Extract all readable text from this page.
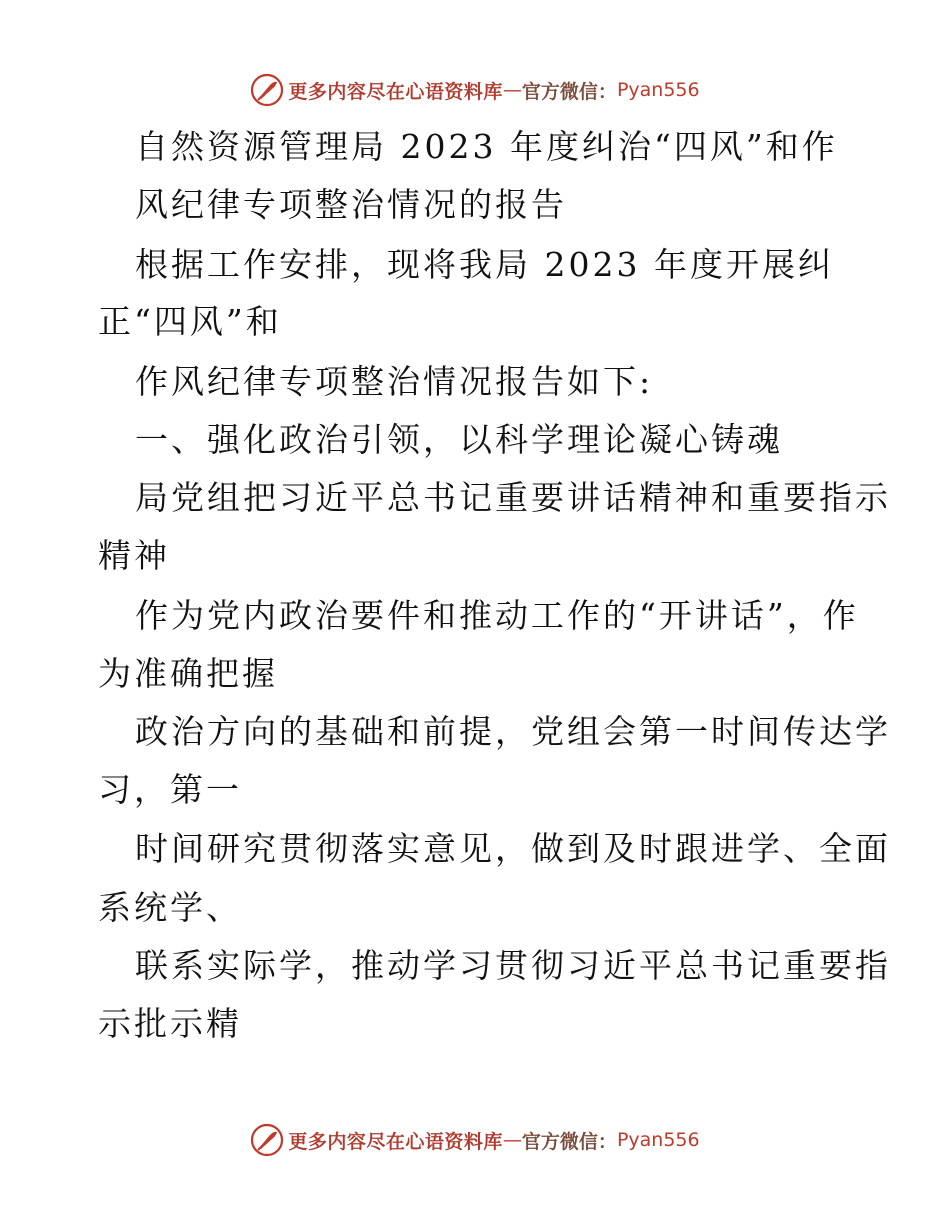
更多内容尽在心语资料库 — 官方微信： Pyan556
自然资源管理局 2023 年度纠治“四风”和作
风纪律专项整治情况的报告
根据工作安排，现将我局 2023 年度开展纠
正“四风”和
作风纪律专项整治情况报告如下:
一、强化政治引领，以科学理论凝心铸魂
局党组把习近平总书记重要讲话精神和重要指示
精神
作为党内政治要件和推动工作的“开讲话”，作
为准确把握
政治方向的基础和前提，党组会第一时间传达学
习，第一
时间研究贯彻落实意见，做到及时跟进学、全面
系统学、
联系实际学，推动学习贯彻习近平总书记重要指
示批示精
更多内容尽在心语资料库 — 官方微信： Pyan556
